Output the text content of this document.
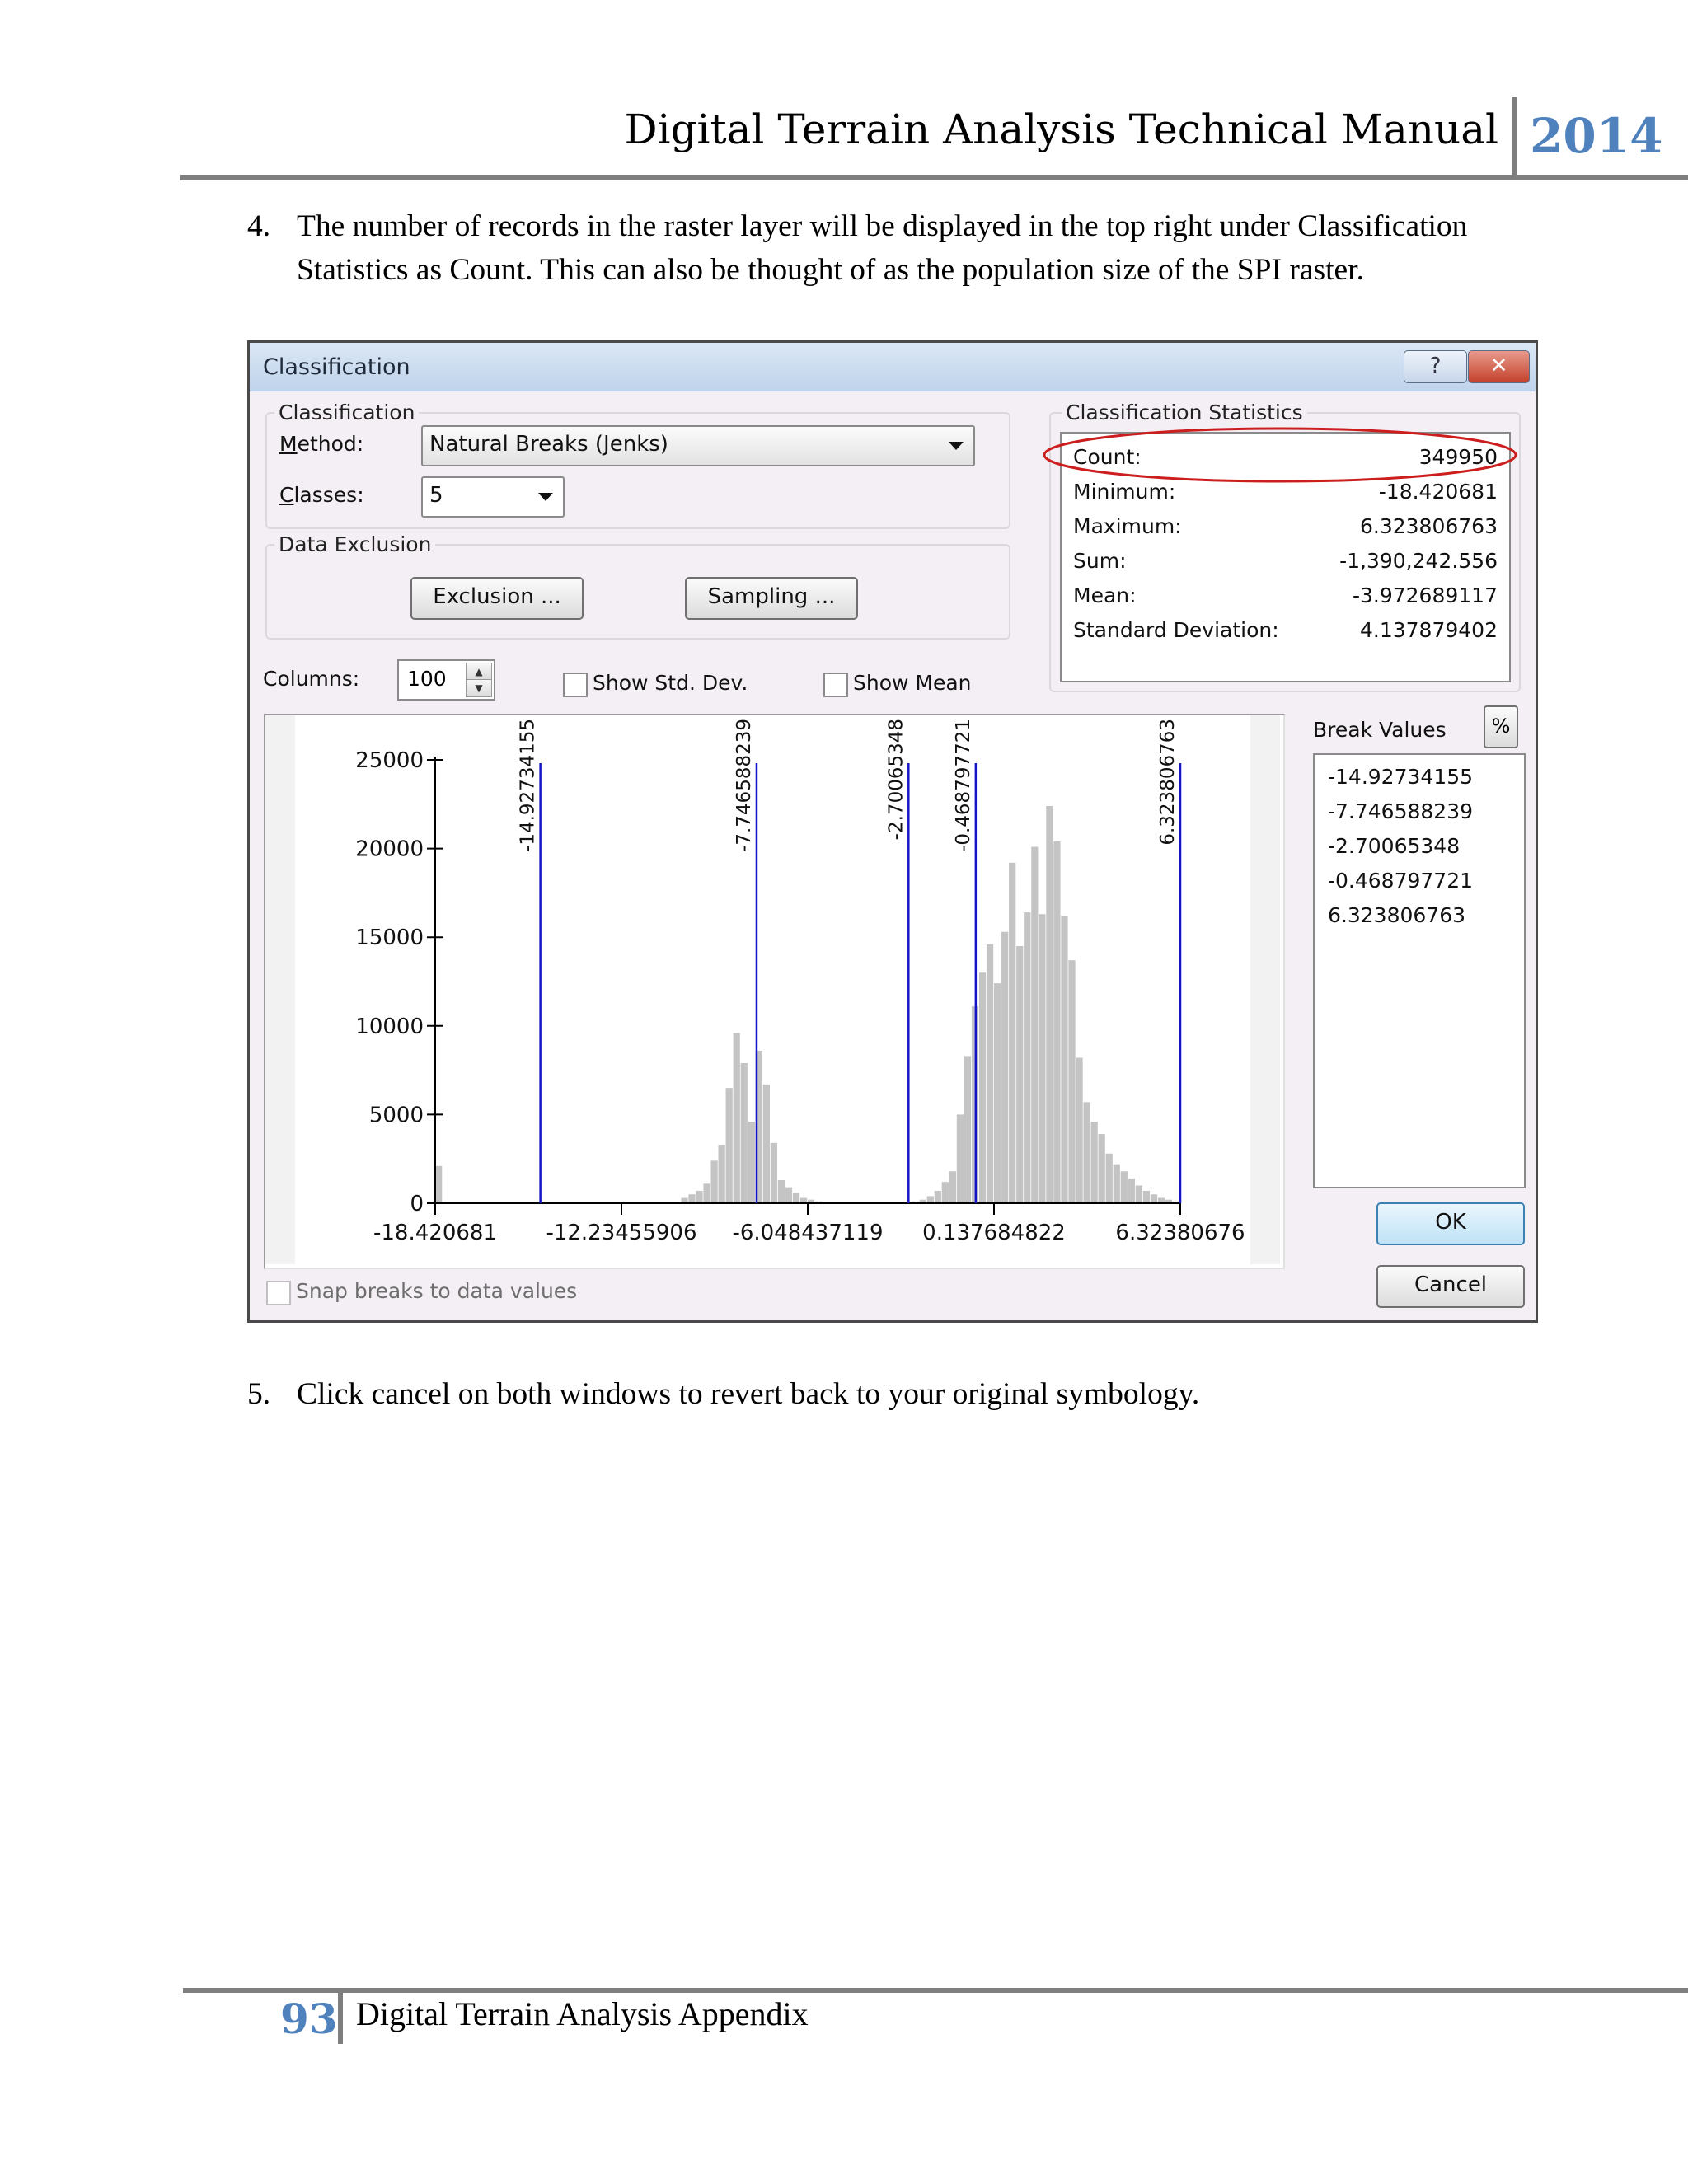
Digital Terrain Analysis Technical Manual 2014
4. The number of records in the raster layer will be displayed in the top right under Classification Statistics as Count. This can also be thought of as the population size of the SPI raster.
Classification	?	✕
Classification
Method:	Natural Breaks (Jenks)
Classes:	5
Data Exclusion
Exclusion ...	Sampling ...
Columns: 100	▲
▼	Show Std. Dev.	Show Mean
Classification Statistics
Count:	349950
Minimum:	-18.420681
Maximum:	6.323806763
Sum:	-1,390,242.556
Mean:	-3.972689117
Standard Deviation:	4.137879402
0
5000
10000
15000
20000
25000
-18.420681 -12.23455906 -6.048437119 0.137684822 6.32380676
-14.92734155	-7.746588239	-2.70065348 -0.468797721	6.323806763	Break Values	%
-14.92734155
-7.746588239
-2.70065348
-0.468797721
6.323806763
OK
Cancel
Snap breaks to data values
5. Click cancel on both windows to revert back to your original symbology.
93 Digital Terrain Analysis Appendix
